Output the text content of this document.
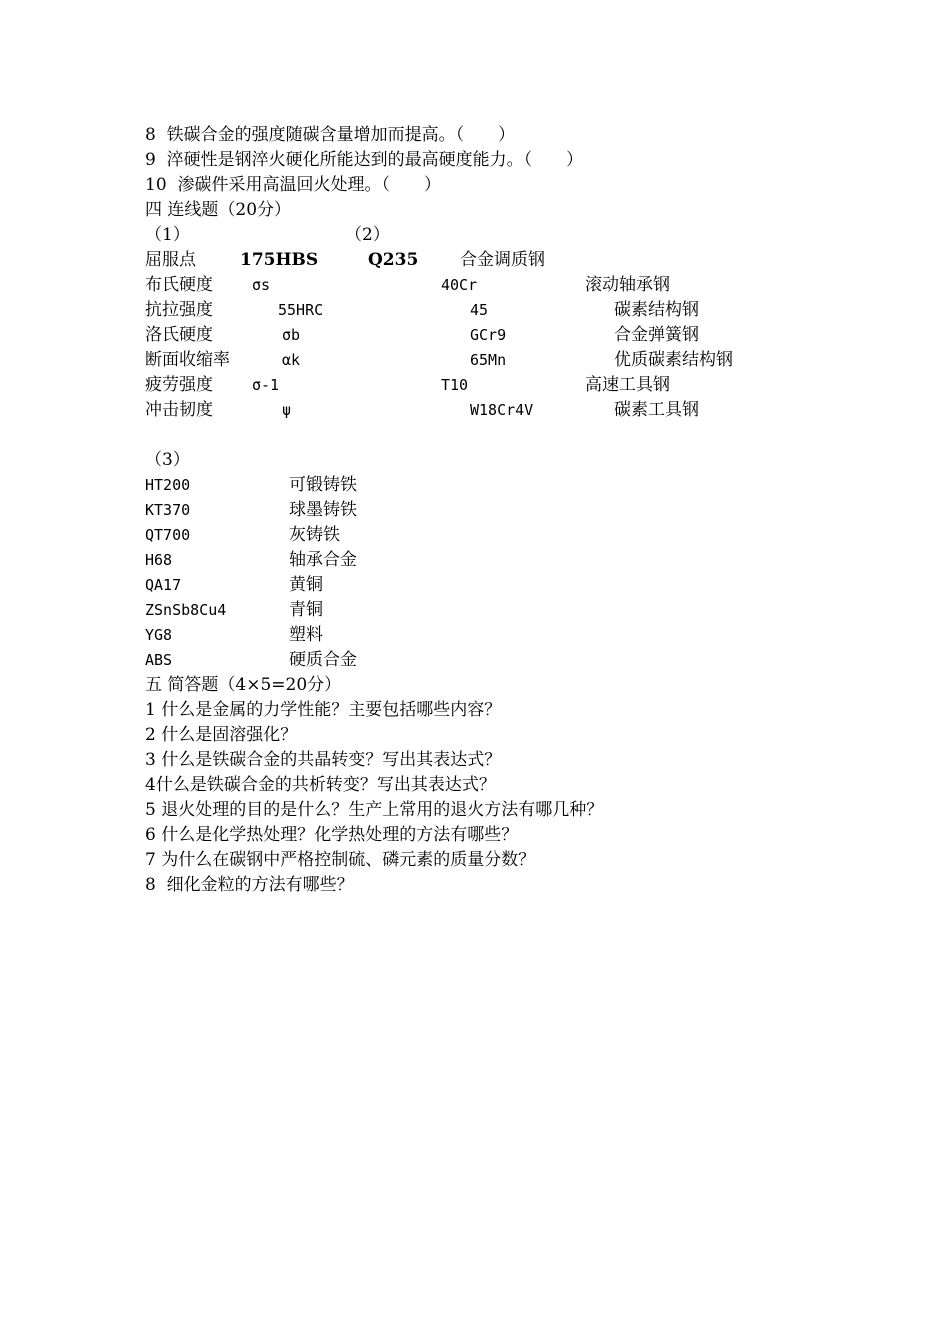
8  铁碳合金的强度随碳含量增加而提高。（　　）
9  淬硬性是钢淬火硬化所能达到的最高硬度能力。（　　）
10  渗碳件采用高温回火处理。（　　）
四 连线题（20分）
（1）	（2）
屈服点
布氏硬度
抗拉强度
洛氏硬度
断面收缩率
疲劳强度
冲击韧度
175HBS
σs
55HRC
σb
αk
σ-1
ψ
Q235
40Cr
45
GCr9
65Mn
T10
W18Cr4V
合金调质钢
滚动轴承钢
碳素结构钢
合金弹簧钢
优质碳素结构钢
高速工具钢
碳素工具钢
（3）
HT200
KT370
QT700
H68
QA17
ZSnSb8Cu4
YG8
ABS
可锻铸铁
球墨铸铁
灰铸铁
轴承合金
黄铜
青铜
塑料
硬质合金
五 简答题（4×5=20分）
1 什么是金属的力学性能？主要包括哪些内容？
2 什么是固溶强化？
3 什么是铁碳合金的共晶转变？写出其表达式？
4什么是铁碳合金的共析转变？写出其表达式？
5 退火处理的目的是什么？生产上常用的退火方法有哪几种？
6 什么是化学热处理？化学热处理的方法有哪些？
7 为什么在碳钢中严格控制硫、磷元素的质量分数？
8  细化金粒的方法有哪些？
